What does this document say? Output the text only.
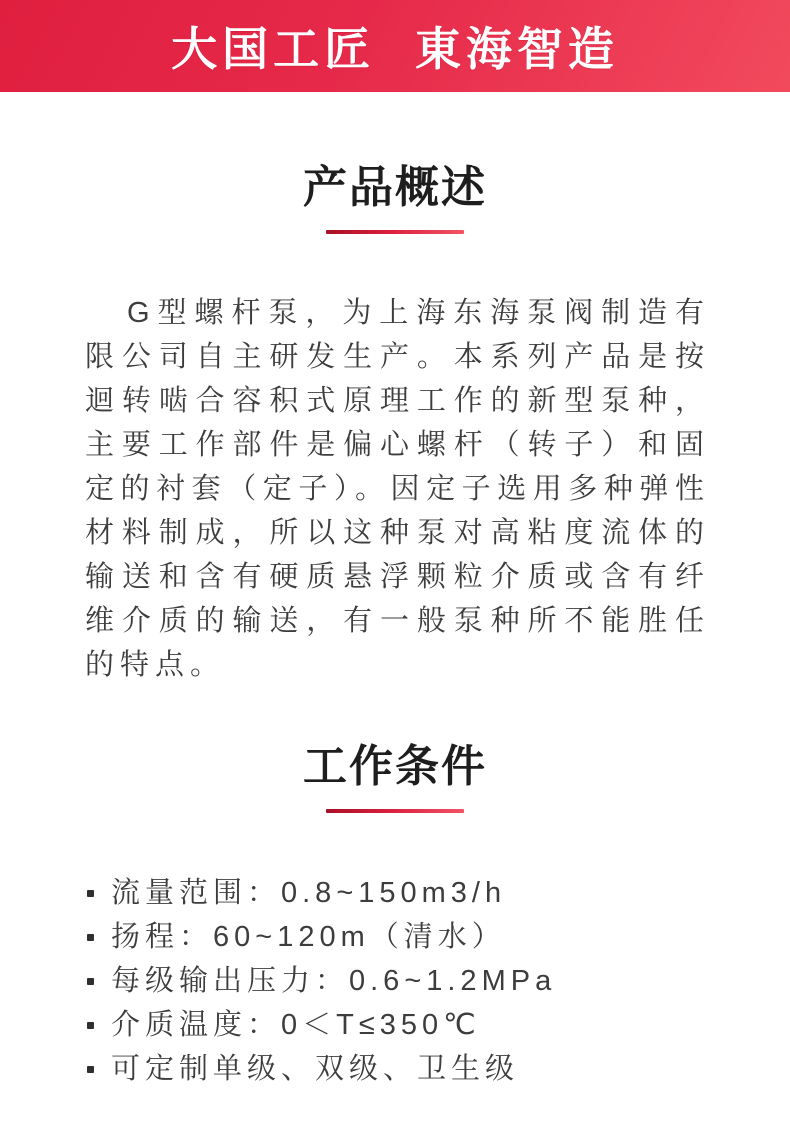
大国工匠 東海智造
产品概述

G型螺杆泵，为上海东海泵阀制造有限公司自主研发生产。本系列产品是按迴转啮合容积式原理工作的新型泵种，主要工作部件是偏心螺杆（转子）和固定的衬套（定子）。因定子选用多种弹性材料制成，所以这种泵对高粘度流体的输送和含有硬质悬浮颗粒介质或含有纤维介质的输送，有一般泵种所不能胜任的特点。

工作条件
流量范围：0.8~150m3/h
扬程：60~120m（清水）
每级输出压力：0.6~1.2MPa
介质温度：0＜T≤350℃
可定制单级、双级、卫生级
